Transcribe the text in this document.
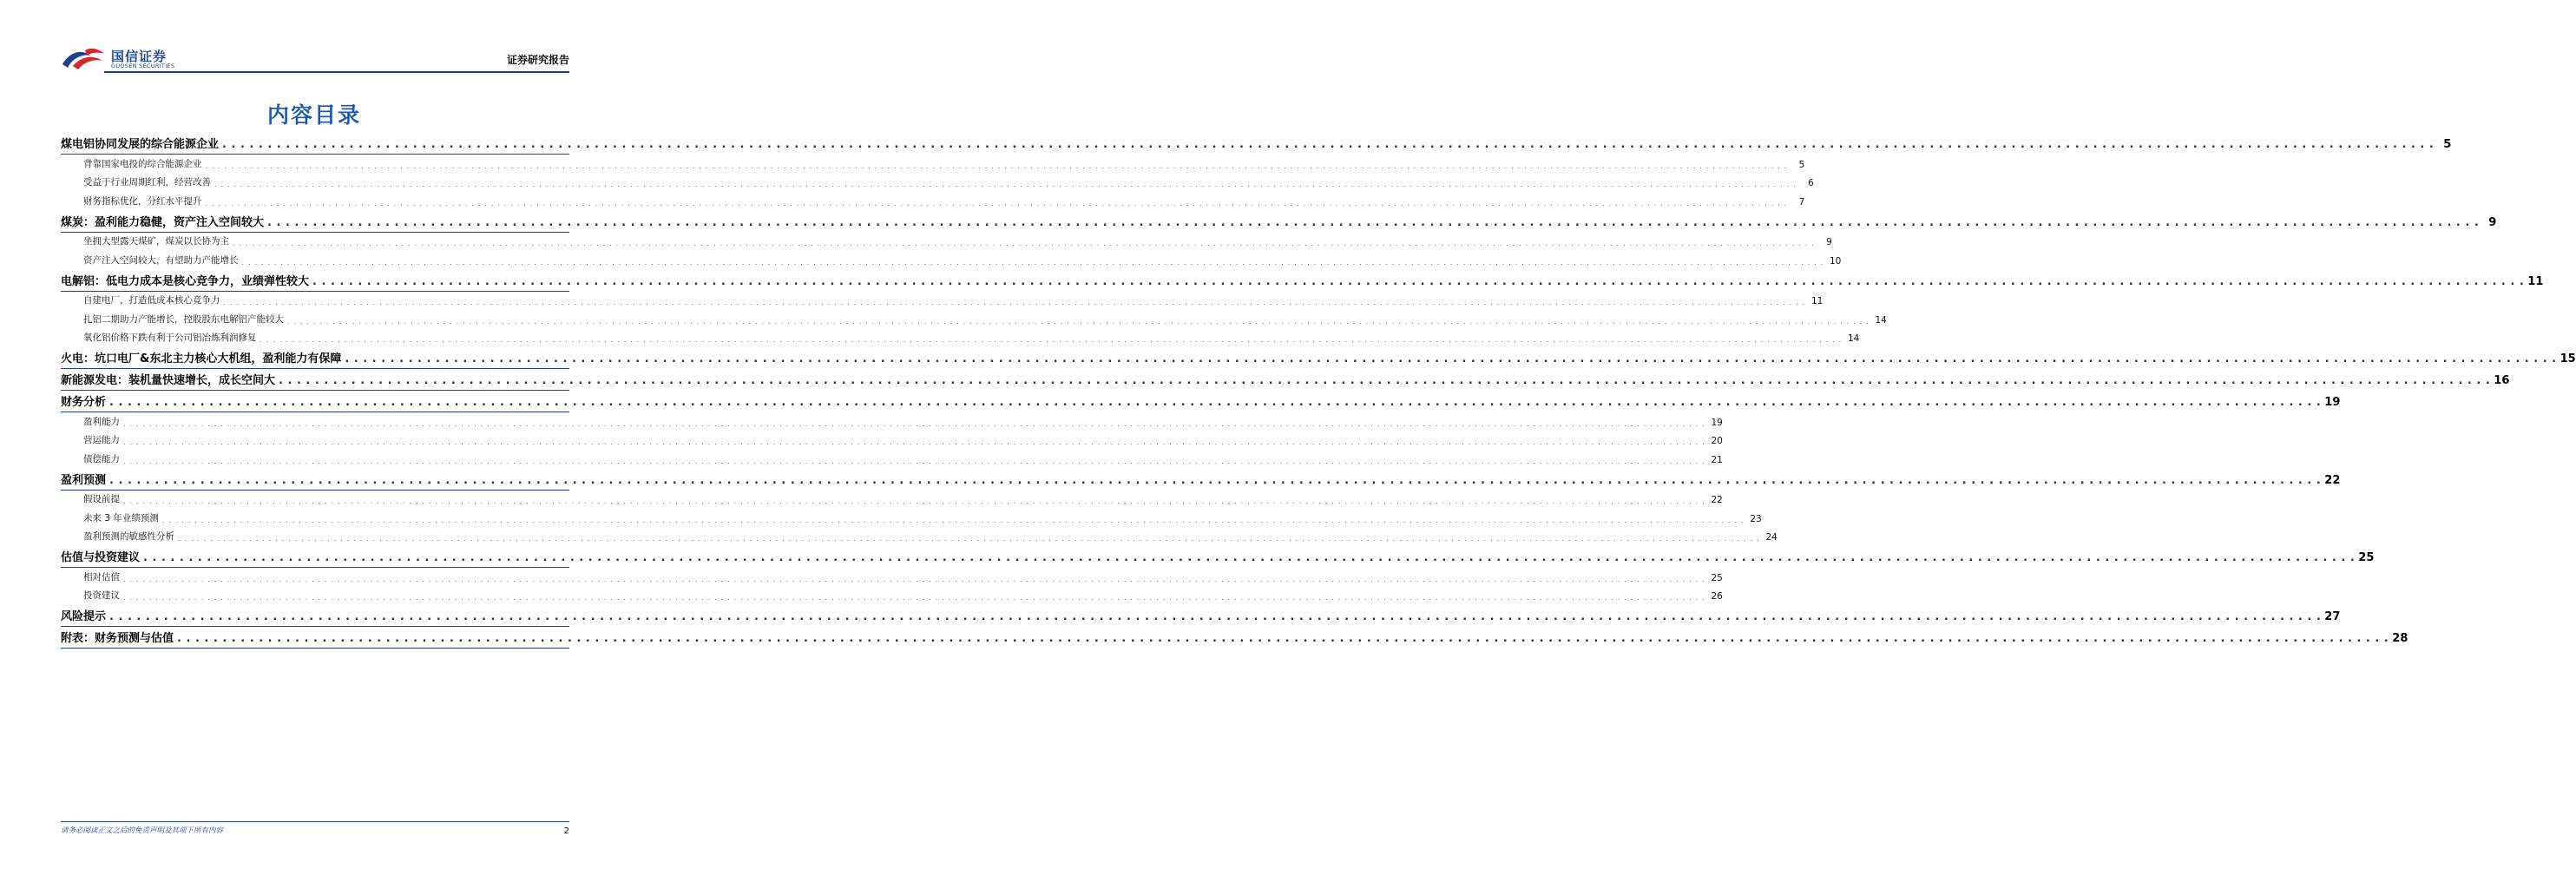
国信证券
GUOSEN SECURITIES	证券研究报告
内容目录
煤电铝协同发展的综合能源企业 . . .	5
背靠国家电投的综合能源企业 . . .	5
受益于行业周期红利，经营改善 . . .	6
财务指标优化，分红水平提升 . . .	7
煤炭：盈利能力稳健，资产注入空间较大 . . .	9
坐拥大型露天煤矿，煤炭以长协为主 . . .	9
资产注入空间较大，有望助力产能增长 . . .	10
电解铝：低电力成本是核心竞争力，业绩弹性较大 . . .	11
自建电厂，打造低成本核心竞争力 . . .	11
扎铝二期助力产能增长，控股股东电解铝产能较大 . . .	14
氧化铝价格下跌有利于公司铝冶炼利润修复 . . .	14
火电：坑口电厂&东北主力核心大机组，盈利能力有保障 . . .	15
新能源发电：装机量快速增长，成长空间大 . . .	16
财务分析 . . .	19
盈利能力 . . .	19
营运能力 . . .	20
债偿能力 . . .	21
盈利预测 . . .	22
假设前提 . . .	22
未来 3 年业绩预测 . . .	23
盈利预测的敏感性分析 . . .	24
估值与投资建议 . . .	25
相对估值 . . .	25
投资建议 . . .	26
风险提示 . . .	27
附表：财务预测与估值 . . .	28
请务必阅读正文之后的免责声明及其项下所有内容	2
